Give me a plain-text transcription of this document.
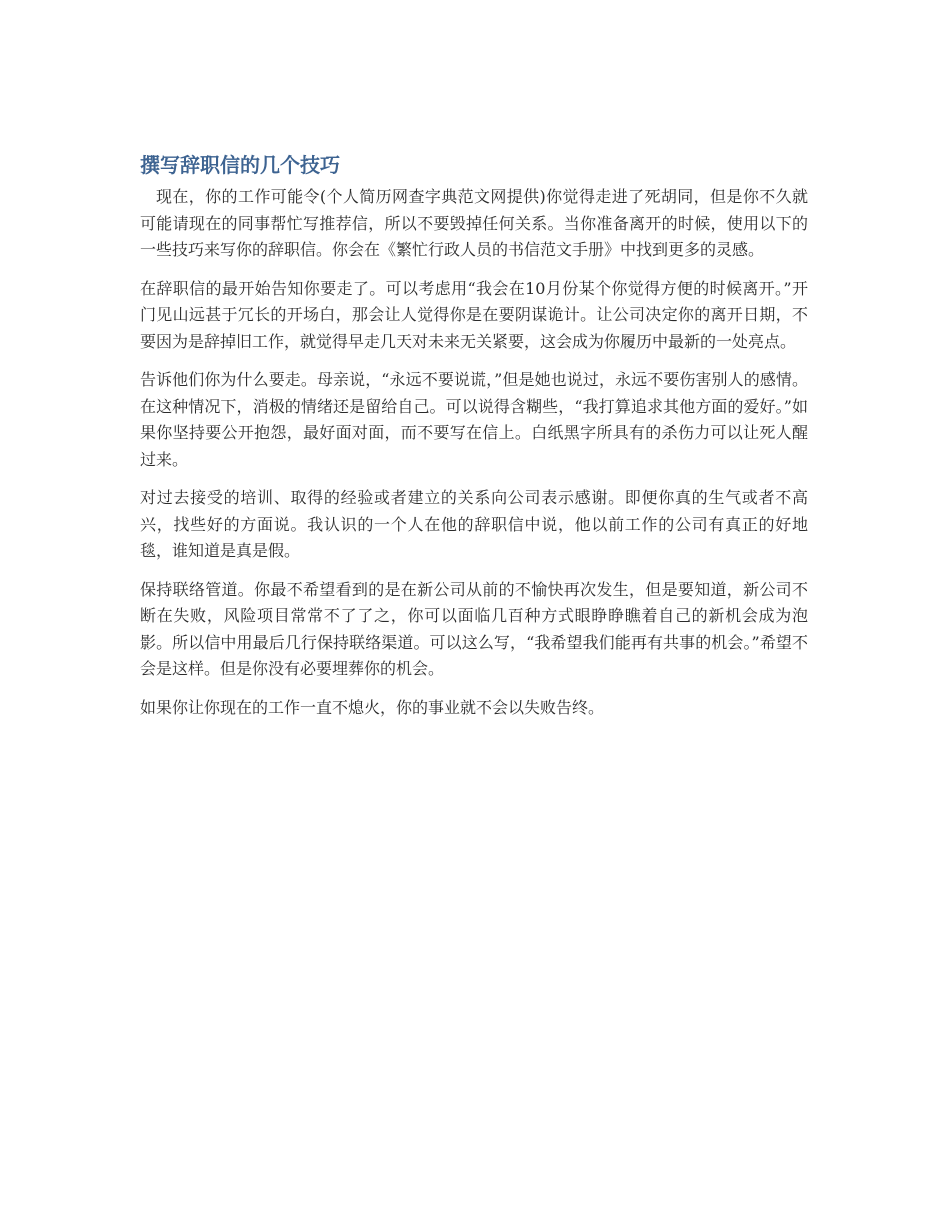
撰写辞职信的几个技巧

现在，你的工作可能令(个人简历网查字典范文网提供)你觉得走进了死胡同，但是你不久就可能请现在的同事帮忙写推荐信，所以不要毁掉任何关系。当你准备离开的时候，使用以下的一些技巧来写你的辞职信。你会在《繁忙行政人员的书信范文手册》中找到更多的灵感。

在辞职信的最开始告知你要走了。可以考虑用“我会在10月份某个你觉得方便的时候离开。”开门见山远甚于冗长的开场白，那会让人觉得你是在要阴谋诡计。让公司决定你的离开日期，不要因为是辞掉旧工作，就觉得早走几天对未来无关紧要，这会成为你履历中最新的一处亮点。

告诉他们你为什么要走。母亲说，“永远不要说谎，”但是她也说过，永远不要伤害别人的感情。在这种情况下，消极的情绪还是留给自己。可以说得含糊些，“我打算追求其他方面的爱好。”如果你坚持要公开抱怨，最好面对面，而不要写在信上。白纸黑字所具有的杀伤力可以让死人醒过来。

对过去接受的培训、取得的经验或者建立的关系向公司表示感谢。即便你真的生气或者不高兴，找些好的方面说。我认识的一个人在他的辞职信中说，他以前工作的公司有真正的好地毯，谁知道是真是假。

保持联络管道。你最不希望看到的是在新公司从前的不愉快再次发生，但是要知道，新公司不断在失败，风险项目常常不了了之，你可以面临几百种方式眼睁睁瞧着自己的新机会成为泡影。所以信中用最后几行保持联络渠道。可以这么写，“我希望我们能再有共事的机会。”希望不会是这样。但是你没有必要埋葬你的机会。

如果你让你现在的工作一直不熄火，你的事业就不会以失败告终。
